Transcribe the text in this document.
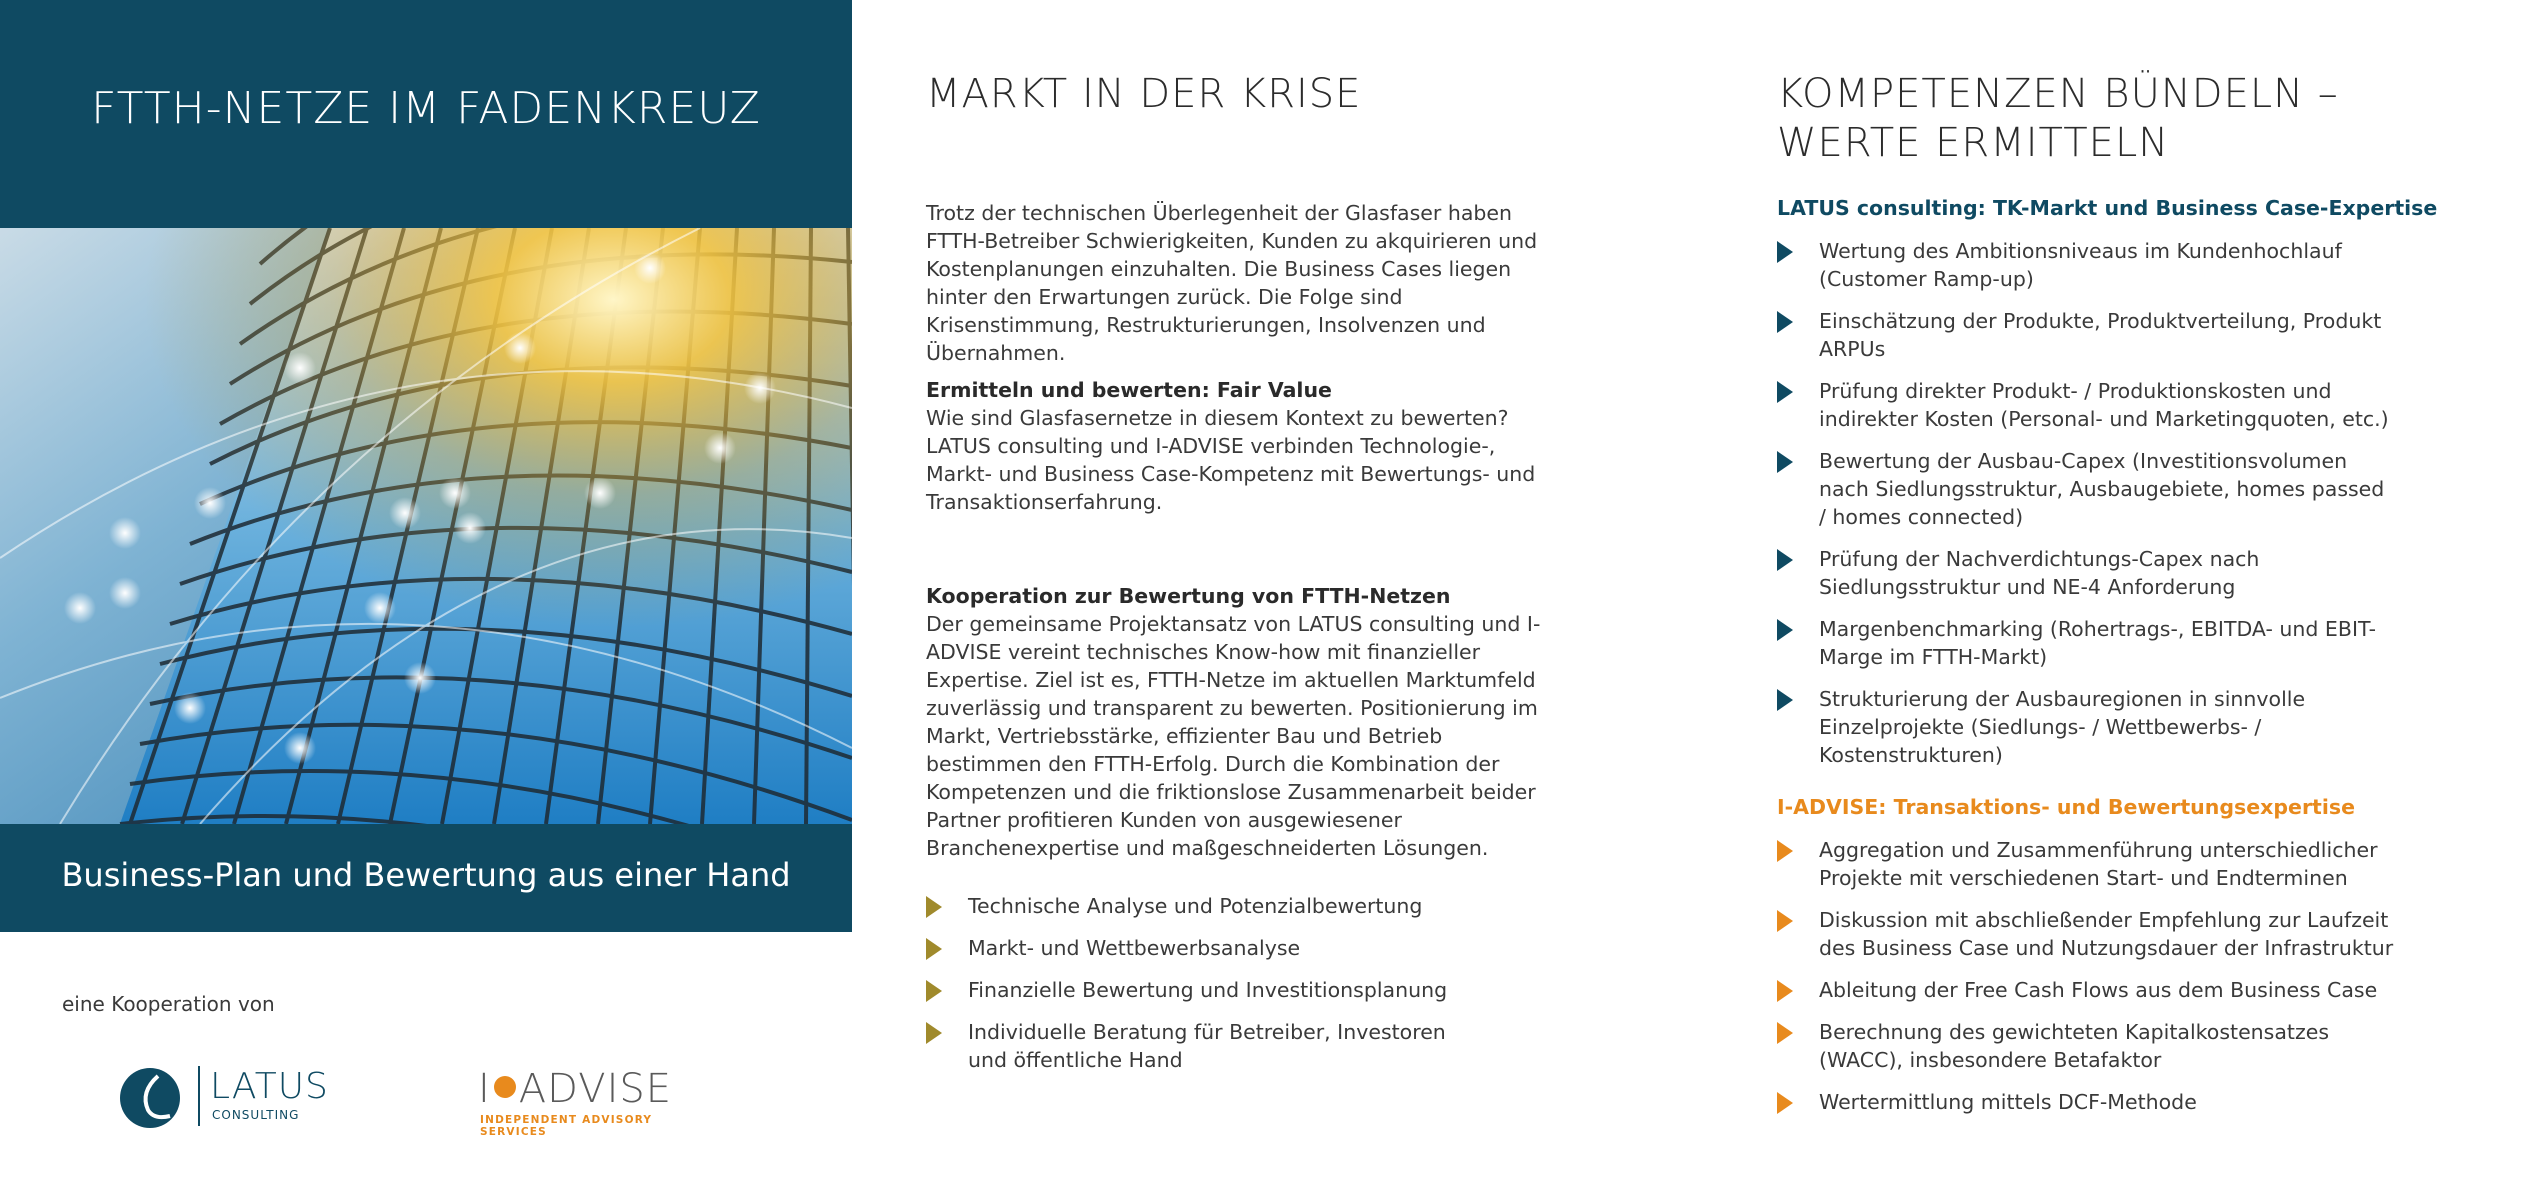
FTTH-NETZE IM FADENKREUZ
Business-Plan und Bewertung aus einer Hand
eine Kooperation von
LATUS
CONSULTING
I ADVISE
INDEPENDENT ADVISORY SERVICES
MARKT IN DER KRISE

Trotz der technischen Überlegenheit der Glasfaser haben FTTH-Betreiber Schwierigkeiten, Kunden zu akquirieren und Kostenplanungen einzuhalten. Die Business Cases liegen hinter den Erwartungen zurück. Die Folge sind Krisenstimmung, Restrukturierungen, Insolvenzen und Übernahmen.

Ermitteln und bewerten: Fair Value
Wie sind Glasfasernetze in diesem Kontext zu bewerten? LATUS consulting und I-ADVISE verbinden Technologie-, Markt- und Business Case-Kompetenz mit Bewertungs- und Transaktionserfahrung.
Kooperation zur Bewertung von FTTH-Netzen
Der gemeinsame Projektansatz von LATUS consulting und I-ADVISE vereint technisches Know-how mit finanzieller Expertise. Ziel ist es, FTTH-Netze im aktuellen Marktumfeld zuverlässig und transparent zu bewerten. Positionierung im Markt, Vertriebsstärke, effizienter Bau und Betrieb bestimmen den FTTH-Erfolg. Durch die Kombination der Kompetenzen und die friktionslose Zusammenarbeit beider Partner profitieren Kunden von ausgewiesener Branchenexpertise und maßgeschneiderten Lösungen.
Technische Analyse und Potenzialbewertung
Markt- und Wettbewerbsanalyse
Finanzielle Bewertung und Investitionsplanung
Individuelle Beratung für Betreiber, Investoren und öffentliche Hand
KOMPETENZEN BÜNDELN –
WERTE ERMITTELN
LATUS consulting: TK-Markt und Business Case-Expertise
Wertung des Ambitionsniveaus im Kundenhochlauf (Customer Ramp-up)
Einschätzung der Produkte, Produktverteilung, Produkt ARPUs
Prüfung direkter Produkt- / Produktionskosten und indirekter Kosten (Personal- und Marketingquoten, etc.)
Bewertung der Ausbau-Capex (Investitionsvolumen nach Siedlungsstruktur, Ausbaugebiete, homes passed / homes connected)
Prüfung der Nachverdichtungs-Capex nach Siedlungsstruktur und NE-4 Anforderung
Margenbenchmarking (Rohertrags-, EBITDA- und EBIT-Marge im FTTH-Markt)
Strukturierung der Ausbauregionen in sinnvolle Einzelprojekte (Siedlungs- / Wettbewerbs- / Kostenstrukturen)
I-ADVISE: Transaktions- und Bewertungsexpertise
Aggregation und Zusammenführung unterschiedlicher Projekte mit verschiedenen Start- und Endterminen
Diskussion mit abschließender Empfehlung zur Laufzeit des Business Case und Nutzungsdauer der Infrastruktur
Ableitung der Free Cash Flows aus dem Business Case
Berechnung des gewichteten Kapitalkostensatzes (WACC), insbesondere Betafaktor
Wertermittlung mittels DCF-Methode
